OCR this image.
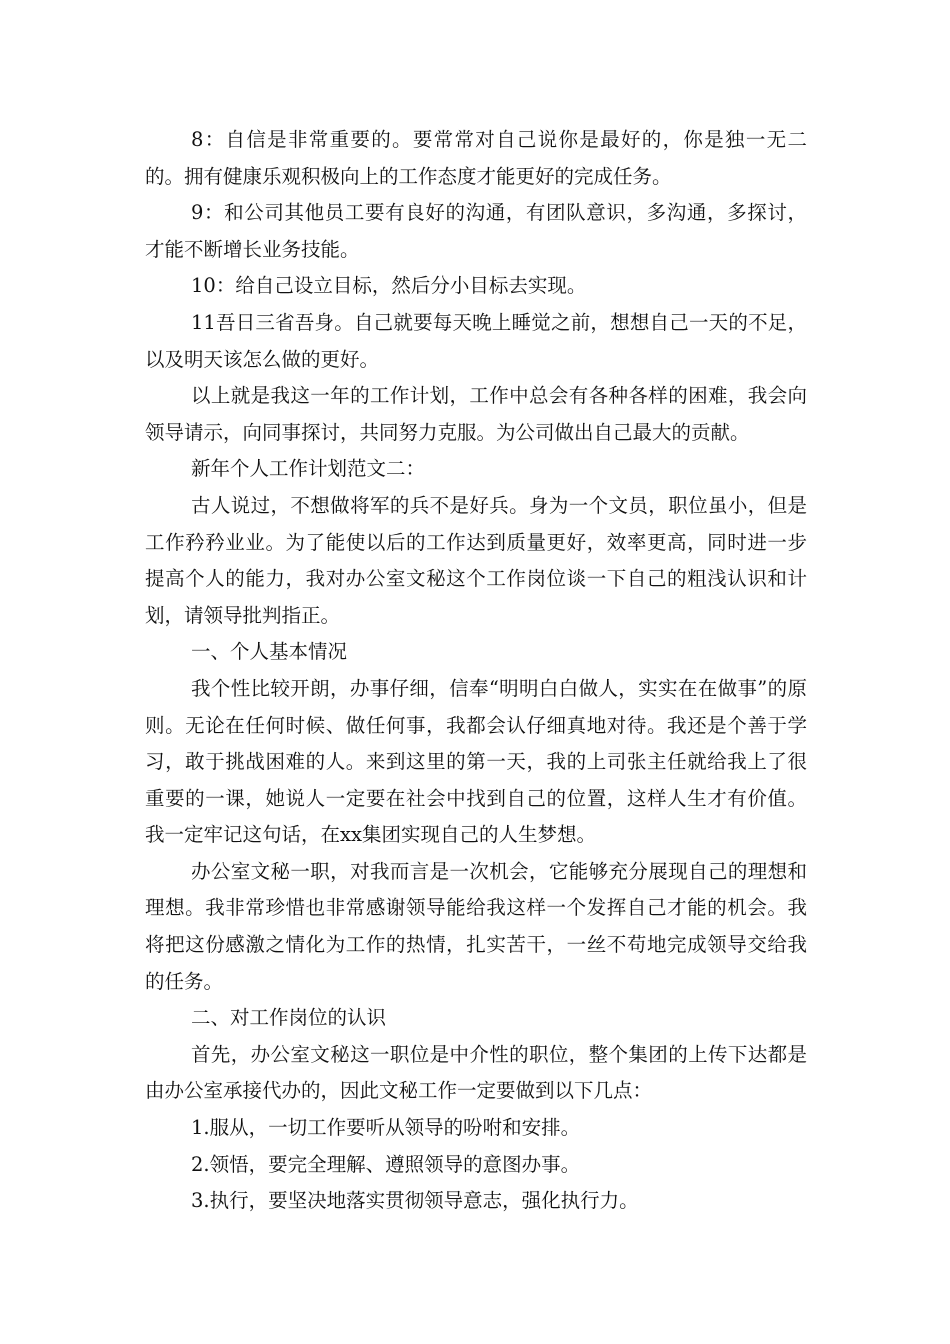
8：自信是非常重要的。要常常对自己说你是最好的，你是独一无二的。拥有健康乐观积极向上的工作态度才能更好的完成任务。

9：和公司其他员工要有良好的沟通，有团队意识，多沟通，多探讨，才能不断增长业务技能。

10：给自己设立目标，然后分小目标去实现。

11吾日三省吾身。自己就要每天晚上睡觉之前，想想自己一天的不足，以及明天该怎么做的更好。

以上就是我这一年的工作计划，工作中总会有各种各样的困难，我会向领导请示，向同事探讨，共同努力克服。为公司做出自己最大的贡献。

新年个人工作计划范文二：

古人说过，不想做将军的兵不是好兵。身为一个文员，职位虽小，但是工作矜矜业业。为了能使以后的工作达到质量更好，效率更高，同时进一步提高个人的能力，我对办公室文秘这个工作岗位谈一下自己的粗浅认识和计划，请领导批判指正。

一、个人基本情况

我个性比较开朗，办事仔细，信奉“明明白白做人，实实在在做事”的原则。无论在任何时候、做任何事，我都会认仔细真地对待。我还是个善于学习，敢于挑战困难的人。来到这里的第一天，我的上司张主任就给我上了很重要的一课，她说人一定要在社会中找到自己的位置，这样人生才有价值。我一定牢记这句话，在xx集团实现自己的人生梦想。

办公室文秘一职，对我而言是一次机会，它能够充分展现自己的理想和理想。我非常珍惜也非常感谢领导能给我这样一个发挥自己才能的机会。我将把这份感激之情化为工作的热情，扎实苦干，一丝不苟地完成领导交给我的任务。

二、对工作岗位的认识

首先，办公室文秘这一职位是中介性的职位，整个集团的上传下达都是由办公室承接代办的，因此文秘工作一定要做到以下几点：

1.服从，一切工作要听从领导的吩咐和安排。

2.领悟，要完全理解、遵照领导的意图办事。

3.执行，要坚决地落实贯彻领导意志，强化执行力。
